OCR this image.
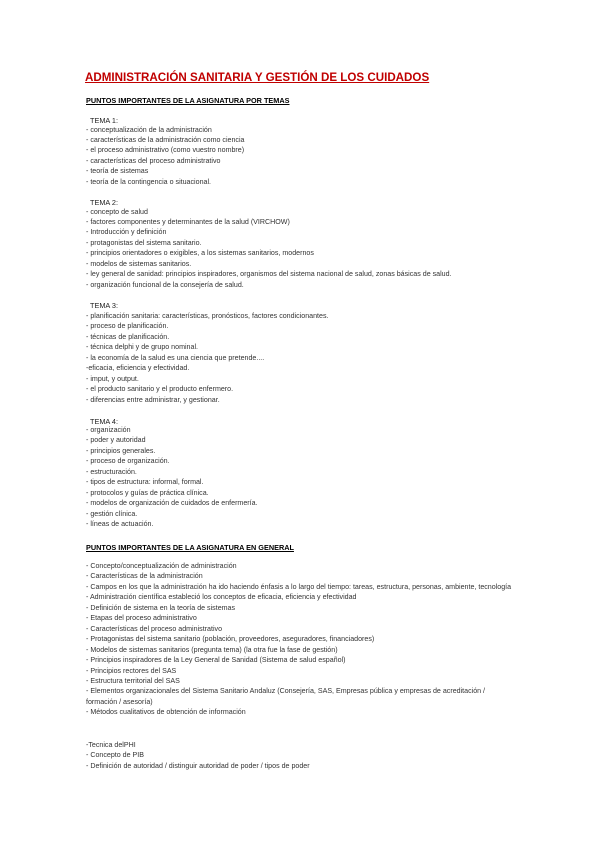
ADMINISTRACIÓN SANITARIA Y GESTIÓN DE LOS CUIDADOS
PUNTOS IMPORTANTES DE LA ASIGNATURA POR TEMAS
TEMA 1:
- conceptualización de la administración
- características de la administración como ciencia
- el proceso administrativo (como vuestro nombre)
- características del proceso administrativo
- teoría de sistemas
- teoría de la contingencia o situacional.
TEMA 2:
- concepto de salud
- factores componentes y determinantes de la salud (VIRCHOW)
- Introducción y definición
- protagonistas del sistema sanitario.
- principios orientadores o exigibles, a los sistemas sanitarios, modernos
- modelos de sistemas sanitarios.
- ley general de sanidad: principios inspiradores, organismos del sistema nacional de salud, zonas básicas de salud.
- organización funcional de la consejería de salud.
TEMA 3:
- planificación sanitaria: características, pronósticos, factores condicionantes.
- proceso de planificación.
- técnicas de planificación.
- técnica delphi y de grupo nominal.
- la economía de la salud es una ciencia que pretende....
-eficacia, eficiencia y efectividad.
- imput, y output.
- el producto sanitario y el producto enfermero.
- diferencias entre administrar, y gestionar.
TEMA 4:
- organización
- poder y autoridad
- principios generales.
- proceso de organización.
- estructuración.
- tipos de estructura: informal, formal.
- protocolos y guías de práctica clínica.
- modelos de organización de cuidados de enfermería.
- gestión clínica.
- líneas de actuación.
PUNTOS IMPORTANTES DE LA ASIGNATURA EN GENERAL
- Concepto/conceptualización de administración
- Características de la administración
- Campos en los que la administración ha ido haciendo énfasis a lo largo del tiempo: tareas, estructura, personas, ambiente, tecnología
- Administración científica estableció los conceptos de eficacia, eficiencia y efectividad
- Definición de sistema en la teoría de sistemas
- Etapas del proceso administrativo
- Características del proceso administrativo
- Protagonistas del sistema sanitario (población, proveedores, aseguradores, financiadores)
- Modelos de sistemas sanitarios (pregunta tema) (la otra fue la fase de gestión)
- Principios inspiradores de la Ley General de Sanidad (Sistema de salud español)
- Principios rectores del SAS
- Estructura territorial del SAS
- Elementos organizacionales del Sistema Sanitario Andaluz (Consejería, SAS, Empresas pública y empresas de acreditación / formación / asesoría)
- Métodos cualitativos de obtención de información
-Tecnica delPHI
- Concepto de PIB
- Definición de autoridad / distinguir autoridad de poder / tipos de poder
